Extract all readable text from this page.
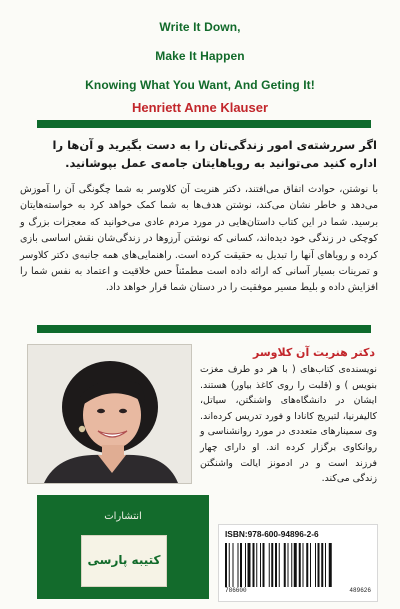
Write It Down,
Make It Happen
Knowing What You Want, And Geting It!
Henriett Anne Klauser
اگر سررشته‌ی امور زندگی‌تان را به دست بگیرید و آن‌ها را اداره کنید می‌توانید به رویاهایتان جامه‌ی عمل بپوشانید.
با نوشتن، حوادث اتفاق می‌افتند، دکتر هنریت آن کلاوسر به شما چگونگی آن را آموزش می‌دهد و خاطر نشان می‌کند، نوشتن هدف‌ها به شما کمک خواهد کرد به خواسته‌هایتان برسید. شما در این کتاب داستان‌هایی در مورد مردم عادی می‌خوانید که معجزات بزرگ و کوچکی در زندگی خود دیده‌اند، کسانی که نوشتن آرزوها در زندگی‌شان نقش اساسی بازی کرده و رویاهای آنها را تبدیل به حقیقت کرده است. راهنمایی‌های همه جانبه‌ی دکتر کلاوسر و تمرینات بسیار آسانی که ارائه داده است مطمئناً حس خلاقیت و اعتماد به نفس شما را افزایش داده و بلیط مسیر موفقیت را در دستان شما قرار خواهد داد.
دکتر هنریت آن کلاوسر
نویسنده‌ی کتاب‌های ( با هر دو طرف مغزت بنویس ) و (قلبت را روی کاغذ بیاور) هستند. ایشان در دانشگاه‌های واشنگتن، سیاتل، کالیفرنیا، لتبریج کانادا و فورد تدریس کرده‌اند. وی سمینارهای متعددی در مورد روانشناسی و روانکاوی برگزار کرده اند. او دارای چهار فرزند است و در ادمونز ایالت واشنگتن زندگی می‌کند.
انتشارات
کتیبه پارسی
ISBN:978-600-94896-2-6
786600	489626
